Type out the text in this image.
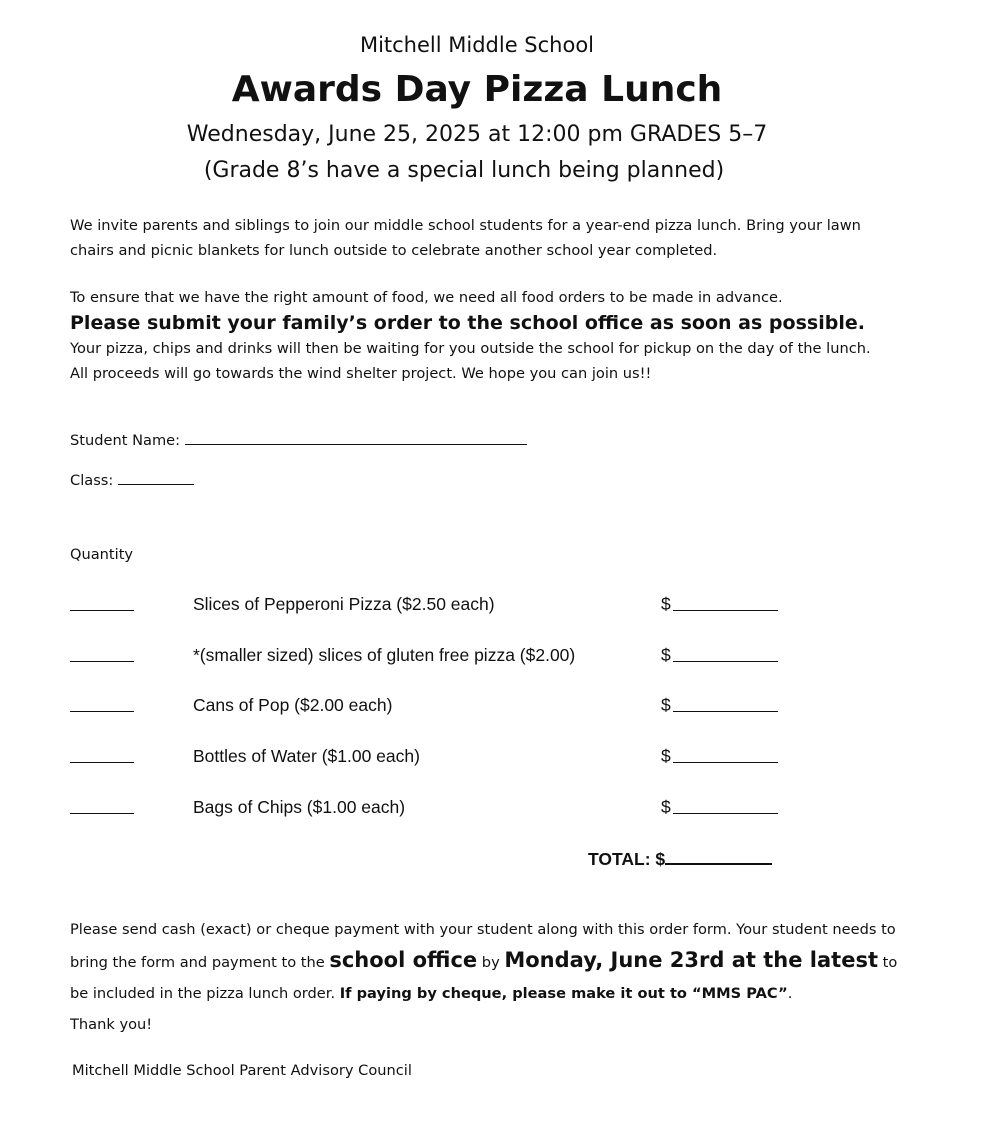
Mitchell Middle School
Awards Day Pizza Lunch
Wednesday, June 25, 2025 at 12:00 pm GRADES 5–7
(Grade 8’s have a special lunch being planned)
We invite parents and siblings to join our middle school students for a year-end pizza lunch. Bring your lawn chairs and picnic blankets for lunch outside to celebrate another school year completed.
To ensure that we have the right amount of food, we need all food orders to be made in advance.
Please submit your family’s order to the school office as soon as possible. Your pizza, chips and drinks will then be waiting for you outside the school for pickup on the day of the lunch. All proceeds will go towards the wind shelter project. We hope you can join us!!
Student Name:
Class:
Quantity
Slices of Pepperoni Pizza ($2.50 each)	$
*(smaller sized) slices of gluten free pizza ($2.00)	$
Cans of Pop ($2.00 each)	$
Bottles of Water ($1.00 each)	$
Bags of Chips ($1.00 each)	$
TOTAL: $
Please send cash (exact) or cheque payment with your student along with this order form. Your student needs to bring the form and payment to the school office by Monday, June 23rd at the latest to be included in the pizza lunch order. If paying by cheque, please make it out to “MMS PAC”.
Thank you!
Mitchell Middle School Parent Advisory Council
